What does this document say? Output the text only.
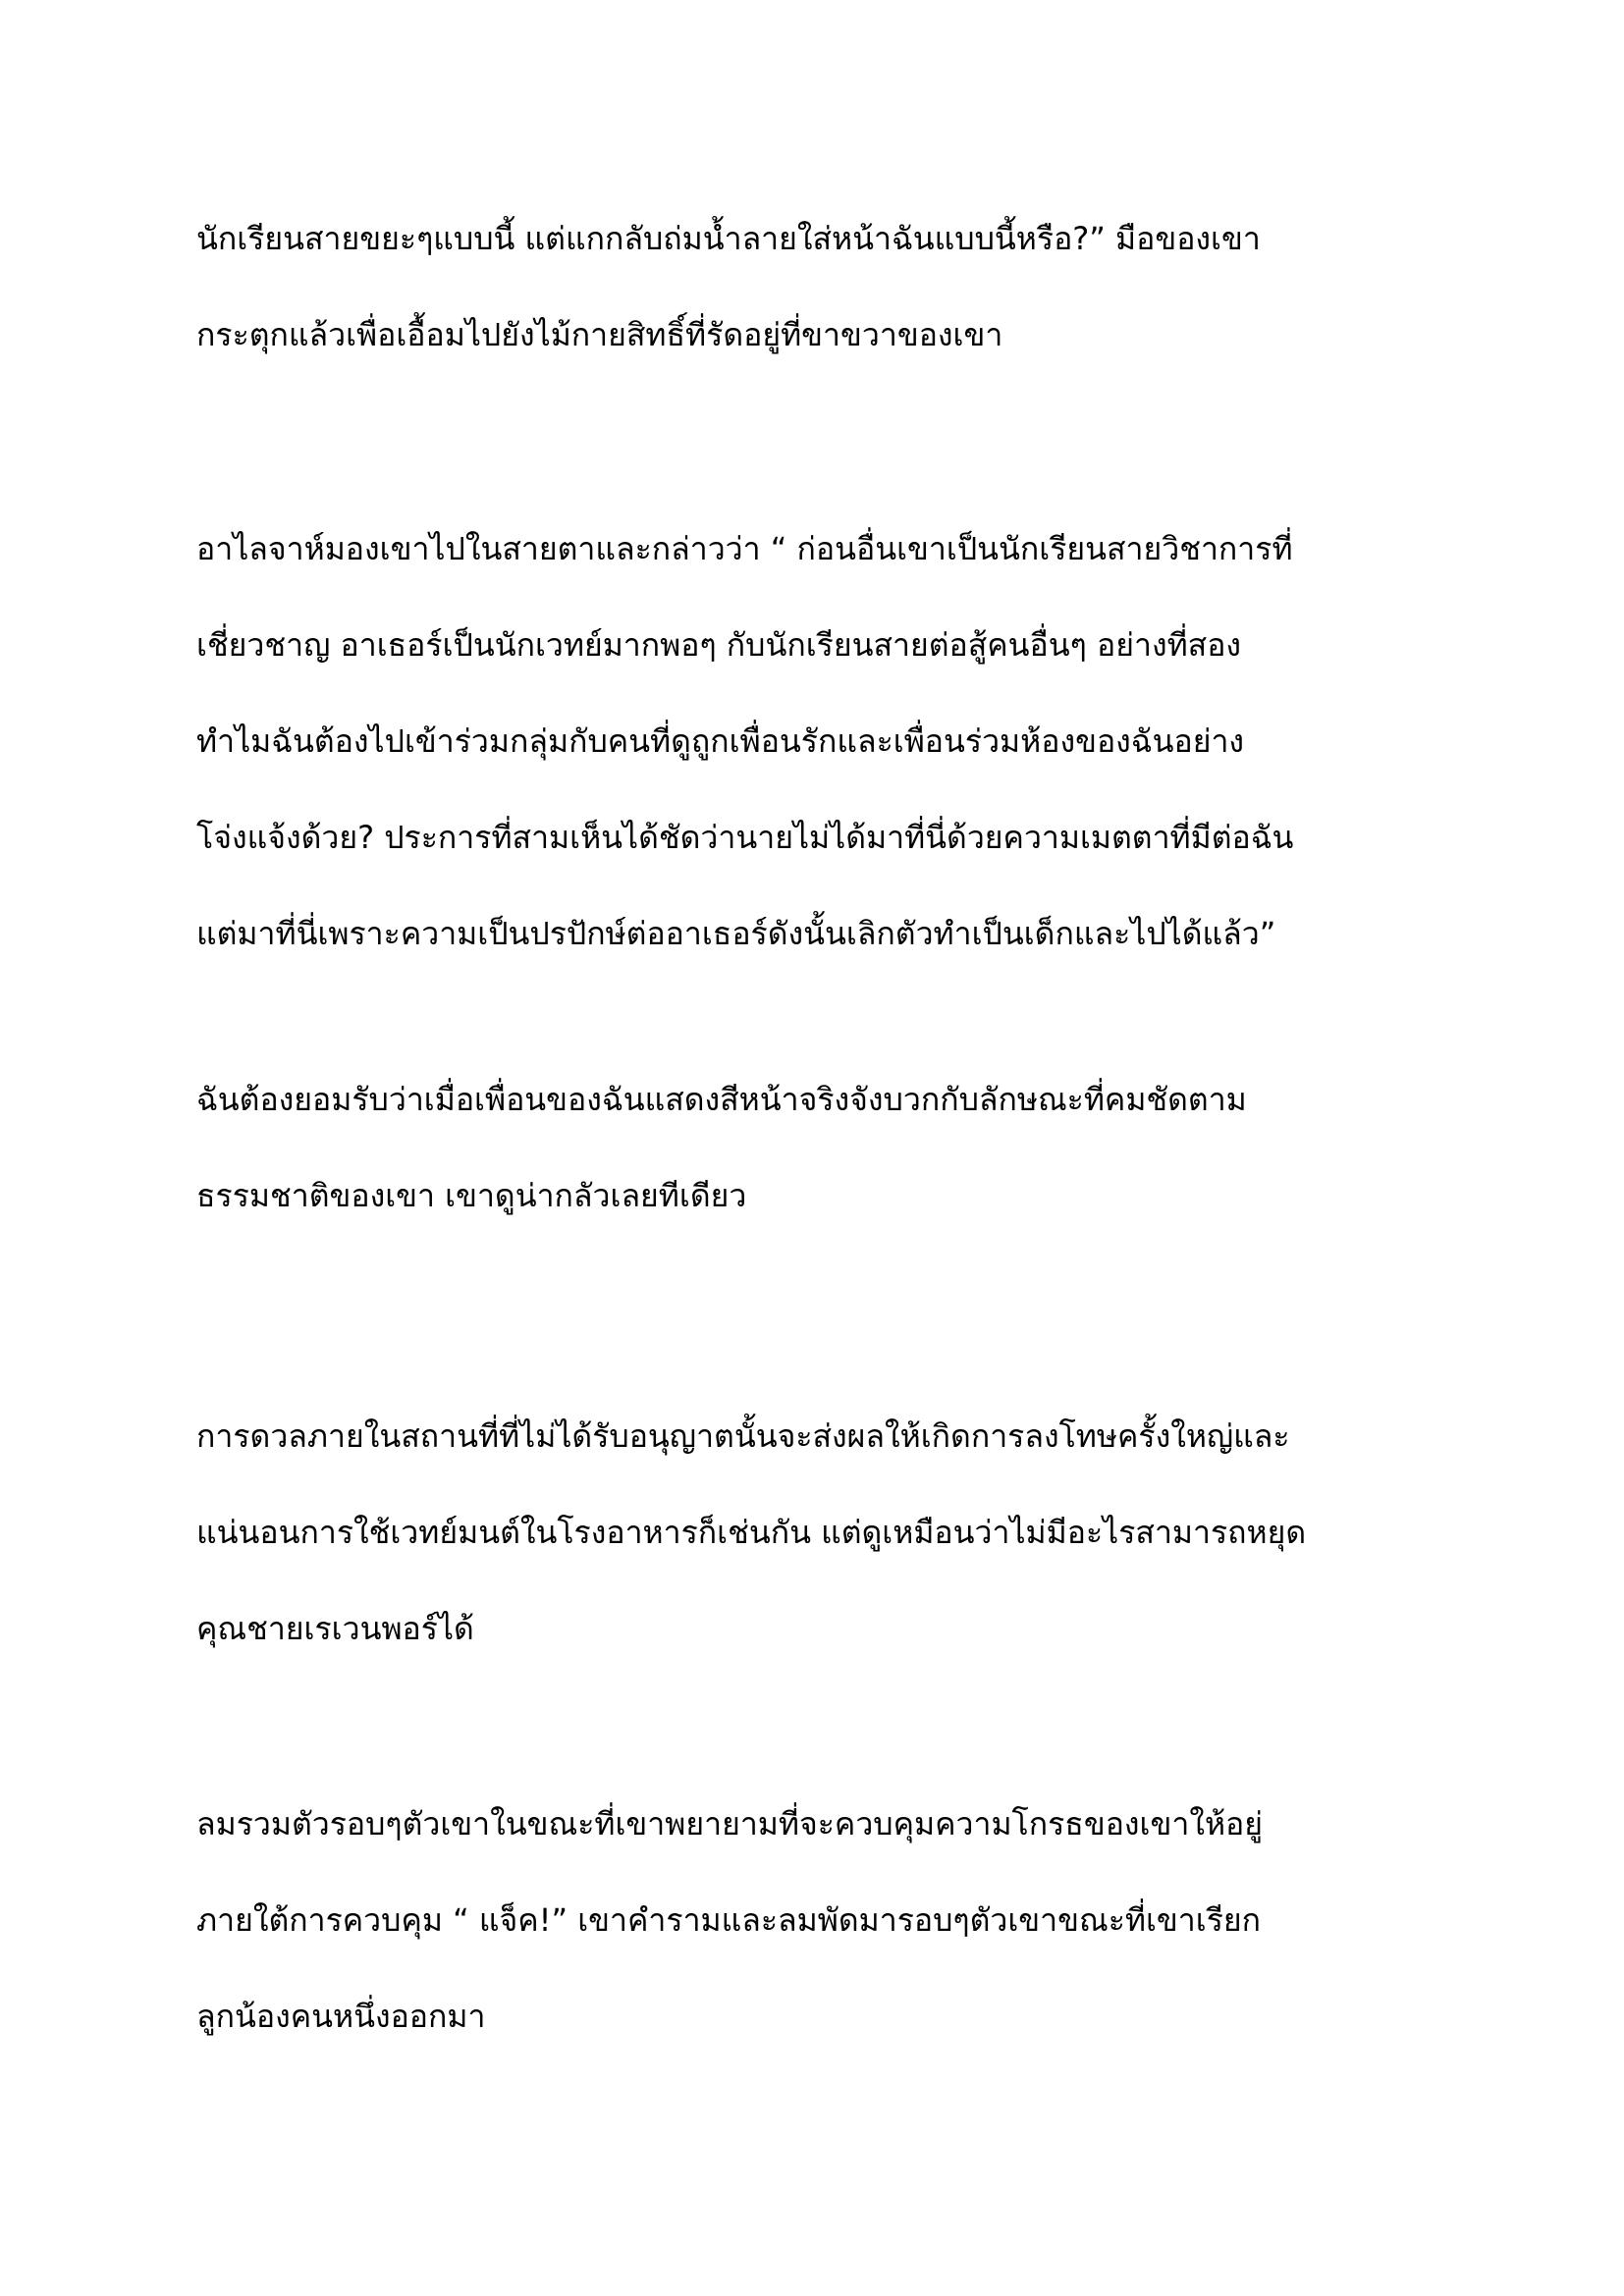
นักเรียนสายขยะๆแบบนี้ แต่แกกลับถ่มน้ำลายใส่หน้าฉันแบบนี้หรือ?” มือของเขา
กระตุกแล้วเพื่อเอื้อมไปยังไม้กายสิทธิ์ที่รัดอยู่ที่ขาขวาของเขา
อาไลจาห์มองเขาไปในสายตาและกล่าวว่า “ ก่อนอื่นเขาเป็นนักเรียนสายวิชาการที่
เชี่ยวชาญ อาเธอร์เป็นนักเวทย์มากพอๆ กับนักเรียนสายต่อสู้คนอื่นๆ อย่างที่สอง
ทำไมฉันต้องไปเข้าร่วมกลุ่มกับคนที่ดูถูกเพื่อนรักและเพื่อนร่วมห้องของฉันอย่าง
โจ่งแจ้งด้วย? ประการที่สามเห็นได้ชัดว่านายไม่ได้มาที่นี่ด้วยความเมตตาที่มีต่อฉัน
แต่มาที่นี่เพราะความเป็นปรปักษ์ต่ออาเธอร์ดังนั้นเลิกตัวทำเป็นเด็กและไปได้แล้ว”
ฉันต้องยอมรับว่าเมื่อเพื่อนของฉันแสดงสีหน้าจริงจังบวกกับลักษณะที่คมชัดตาม
ธรรมชาติของเขา เขาดูน่ากลัวเลยทีเดียว
การดวลภายในสถานที่ที่ไม่ได้รับอนุญาตนั้นจะส่งผลให้เกิดการลงโทษครั้งใหญ่และ
แน่นอนการใช้เวทย์มนต์ในโรงอาหารก็เช่นกัน แต่ดูเหมือนว่าไม่มีอะไรสามารถหยุด
คุณชายเรเวนพอร์ได้
ลมรวมตัวรอบๆตัวเขาในขณะที่เขาพยายามที่จะควบคุมความโกรธของเขาให้อยู่
ภายใต้การควบคุม “ แจ็ค!” เขาคำรามและลมพัดมารอบๆตัวเขาขณะที่เขาเรียก
ลูกน้องคนหนึ่งออกมา
